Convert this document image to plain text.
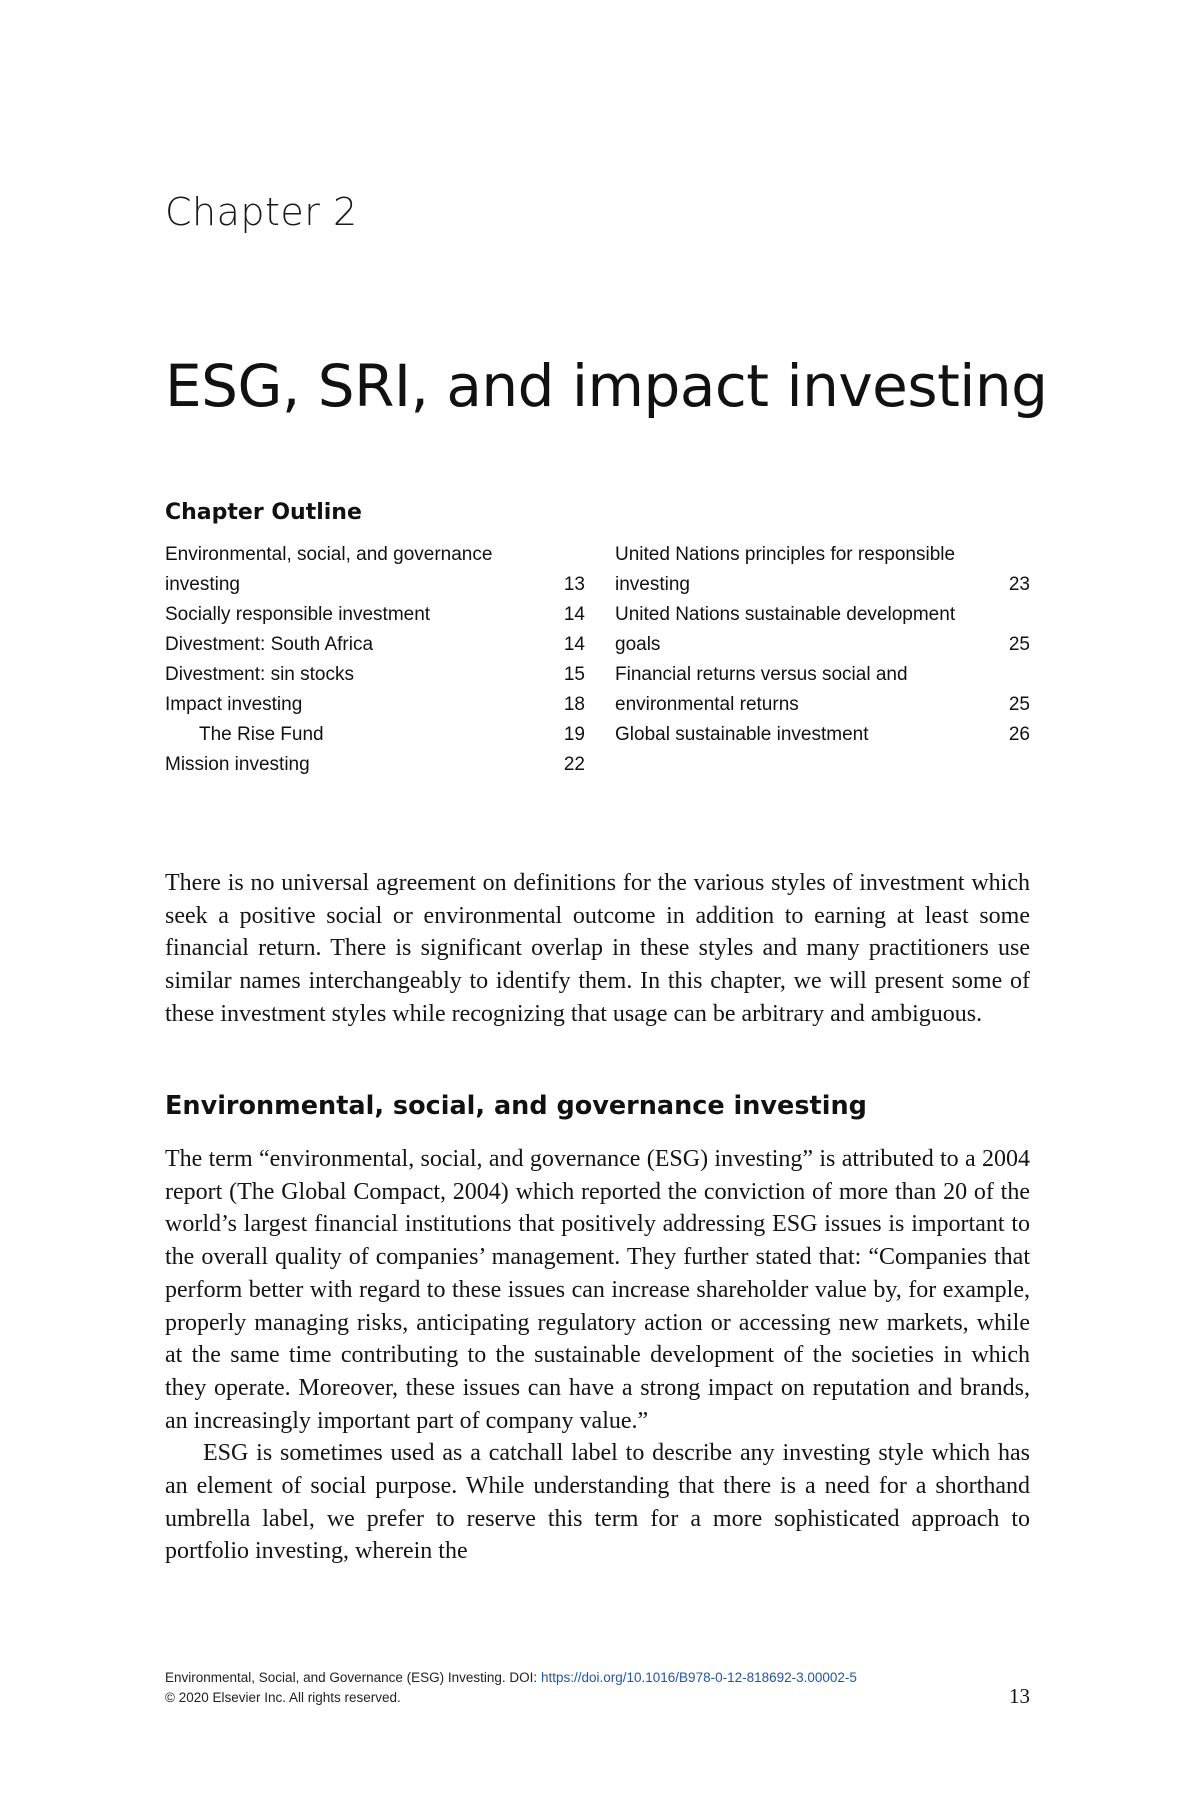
Chapter 2
ESG, SRI, and impact investing
Chapter Outline
Environmental, social, and governance investing	13
Socially responsible investment	14
Divestment: South Africa	14
Divestment: sin stocks	15
Impact investing	18
The Rise Fund	19
Mission investing	22
United Nations principles for responsible investing	23
United Nations sustainable development goals	25
Financial returns versus social and environmental returns	25
Global sustainable investment	26

There is no universal agreement on definitions for the various styles of investment which seek a positive social or environmental outcome in addition to earning at least some financial return. There is significant overlap in these styles and many practitioners use similar names interchangeably to identify them. In this chapter, we will present some of these investment styles while recognizing that usage can be arbitrary and ambiguous.

Environmental, social, and governance investing

The term “environmental, social, and governance (ESG) investing” is attributed to a 2004 report (The Global Compact, 2004) which reported the conviction of more than 20 of the world’s largest financial institutions that positively addressing ESG issues is important to the overall quality of companies’ management. They further stated that: “Companies that perform better with regard to these issues can increase shareholder value by, for example, properly managing risks, anticipating regulatory action or accessing new markets, while at the same time contributing to the sustainable development of the societies in which they operate. Moreover, these issues can have a strong impact on reputation and brands, an increasingly important part of company value.”

ESG is sometimes used as a catchall label to describe any investing style which has an element of social purpose. While understanding that there is a need for a shorthand umbrella label, we prefer to reserve this term for a more sophisticated approach to portfolio investing, wherein the

Environmental, Social, and Governance (ESG) Investing. DOI: https://doi.org/10.1016/B978-0-12-818692-3.00002-5
© 2020 Elsevier Inc. All rights reserved.	13
